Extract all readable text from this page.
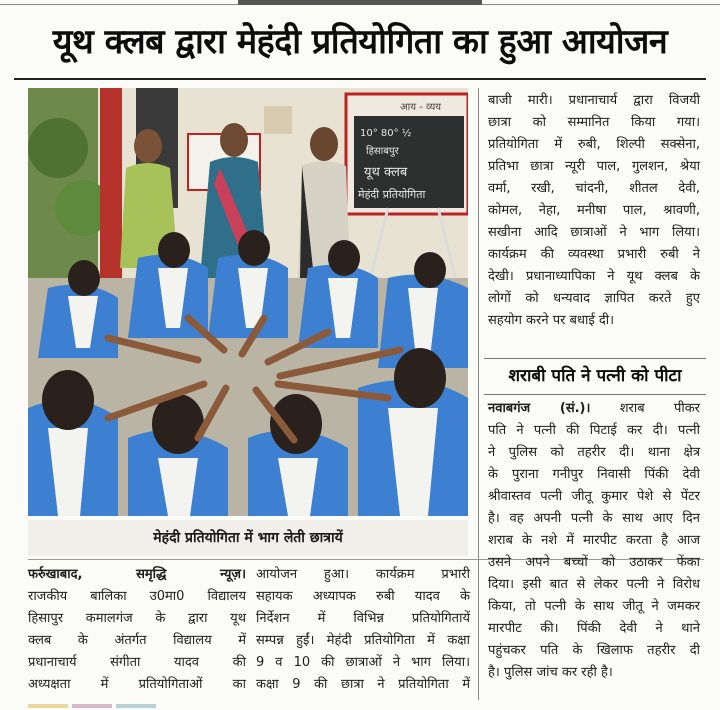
यूथ क्लब द्वारा मेहंदी प्रतियोगिता का हुआ आयोजन
आय - व्यय
10° 80° ½
हिसाबपुर
यूथ क्लब
मेहंदी प्रतियोगिता
मेहंदी प्रतियोगिता में भाग लेती छात्रायें

फर्रुखाबाद, समृद्धि न्यूज़।

राजकीय बालिका उ0मा0 विद्यालय

हिसापुर कमालगंज के द्वारा यूथ

क्लब के अंतर्गत विद्यालय में

प्रधानाचार्य संगीता यादव की

अध्यक्षता में प्रतियोगिताओं का

आयोजन हुआ। कार्यक्रम प्रभारी

सहायक अध्यापक रुबी यादव के

निर्देशन में विभिन्न प्रतियोगितायें

सम्पन्न हुईं। मेहंदी प्रतियोगिता में कक्षा

9 व 10 की छात्राओं ने भाग लिया।

कक्षा 9 की छात्रा ने प्रतियोगिता में

बाजी मारी। प्रधानाचार्य द्वारा विजयी

छात्रा को सम्मानित किया गया।

प्रतियोगिता में रुबी, शिल्पी सक्सेना,

प्रतिभा छात्रा न्यूरी पाल, गुलशन, श्रेया

वर्मा, रखी, चांदनी, शीतल देवी,

कोमल, नेहा, मनीषा पाल, श्रावणी,

सखीना आदि छात्राओं ने भाग लिया।

कार्यक्रम की व्यवस्था प्रभारी रुबी ने

देखी। प्रधानाध्यापिका ने यूथ क्लब के

लोगों को धन्यवाद ज्ञापित करते हुए

सहयोग करने पर बधाई दी।

शराबी पति ने पत्नी को पीटा

नवाबगंज (सं.)। शराब पीकर

पति ने पत्नी की पिटाई कर दी। पत्नी

ने पुलिस को तहरीर दी। थाना क्षेत्र

के पुराना गनीपुर निवासी पिंकी देवी

श्रीवास्तव पत्नी जीतू कुमार पेशे से पेंटर

है। वह अपनी पत्नी के साथ आए दिन

शराब के नशे में मारपीट करता है आज

उसने अपने बच्चों को उठाकर फेंका

दिया। इसी बात से लेकर पत्नी ने विरोध

किया, तो पत्नी के साथ जीतू ने जमकर

मारपीट की। पिंकी देवी ने थाने

पहुंचकर पति के खिलाफ तहरीर दी

है। पुलिस जांच कर रही है।
